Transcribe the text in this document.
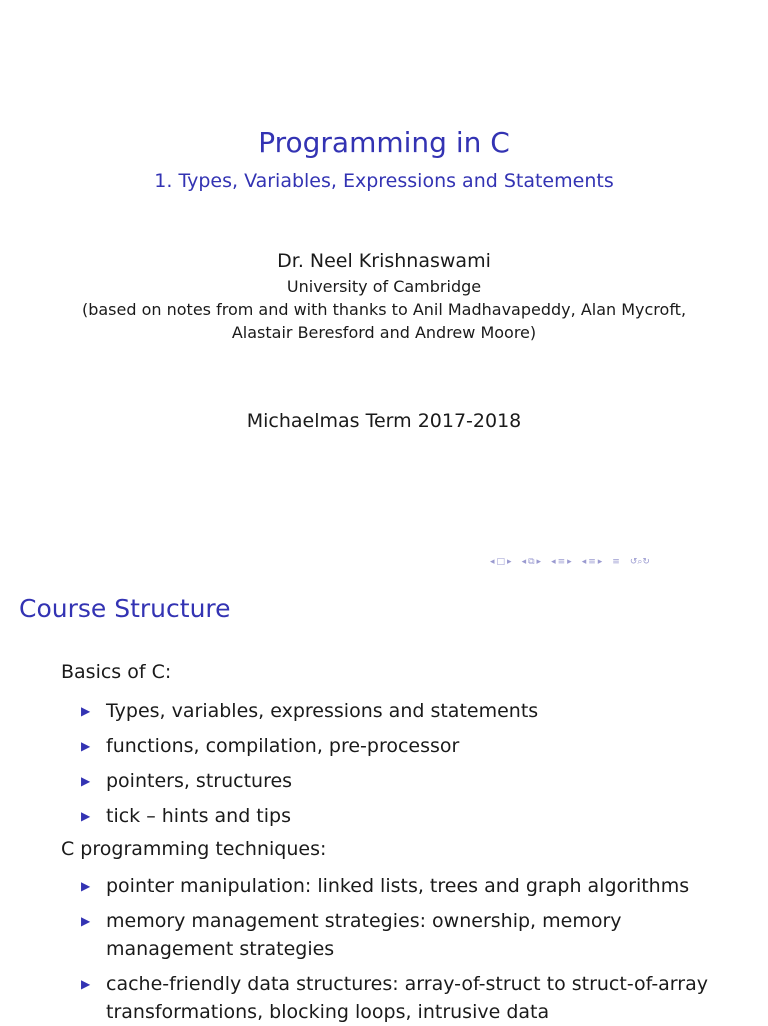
Programming in C
1. Types, Variables, Expressions and Statements
Dr. Neel Krishnaswami
University of Cambridge
(based on notes from and with thanks to Anil Madhavapeddy, Alan Mycroft,
Alastair Beresford and Andrew Moore)
Michaelmas Term 2017-2018
◂ □ ▸ ◂ ⧉ ▸ ◂ ≡ ▸ ◂ ≡ ▸ ≡ ↺⌕↻
Course Structure
Basics of C:
▶ Types, variables, expressions and statements
▶ functions, compilation, pre-processor
▶ pointers, structures
▶ tick – hints and tips
C programming techniques:
▶ pointer manipulation: linked lists, trees and graph algorithms
▶ memory management strategies: ownership, memory management strategies
▶ cache-friendly data structures: array-of-struct to struct-of-array transformations, blocking loops, intrusive data
